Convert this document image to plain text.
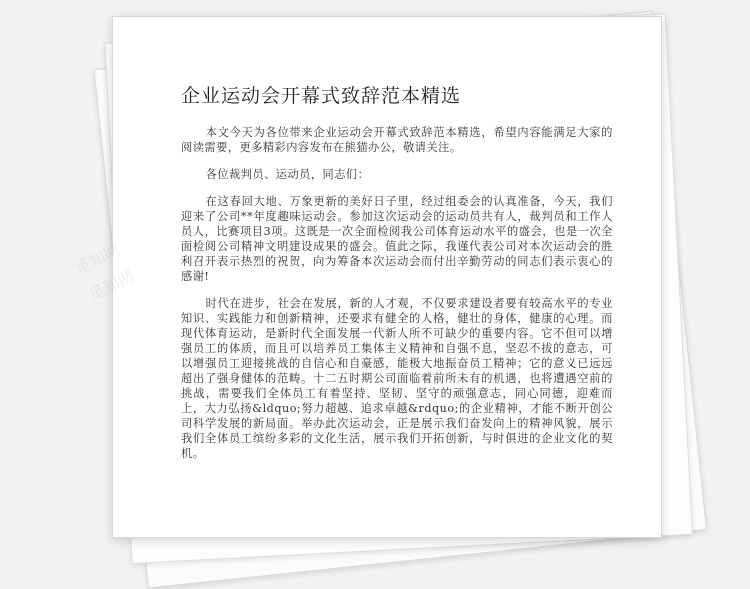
觅知网
觅知网
企业运动会开幕式致辞范本精选

本文今天为各位带来企业运动会开幕式致辞范本精选，希望内容能满足大家的阅读需要，更多精彩内容发布在熊猫办公，敬请关注。

各位裁判员、运动员，同志们：

在这春回大地、万象更新的美好日子里，经过组委会的认真准备，今天，我们迎来了公司**年度趣味运动会。参加这次运动会的运动员共有人，裁判员和工作人员人，比赛项目3项。这既是一次全面检阅我公司体育运动水平的盛会，也是一次全面检阅公司精神文明建设成果的盛会。值此之际，我谨代表公司对本次运动会的胜利召开表示热烈的祝贺，向为筹备本次运动会而付出辛勤劳动的同志们表示衷心的感谢!

时代在进步，社会在发展，新的人才观，不仅要求建设者要有较高水平的专业知识、实践能力和创新精神，还要求有健全的人格，健壮的身体，健康的心理。而现代体育运动，是新时代全面发展一代新人所不可缺少的重要内容。它不但可以增强员工的体质，而且可以培养员工集体主义精神和自强不息，坚忍不拔的意志，可以增强员工迎接挑战的自信心和自豪感，能极大地振奋员工精神；它的意义已远远超出了强身健体的范畴。十二五时期公司面临着前所未有的机遇，也将遭遇空前的挑战，需要我们全体员工有着坚持、坚韧、坚守的顽强意志，同心同德，迎难而上，大力弘扬&ldquo;努力超越、追求卓越&rdquo;的企业精神，才能不断开创公司科学发展的新局面。举办此次运动会，正是展示我们奋发向上的精神风貌，展示我们全体员工缤纷多彩的文化生活，展示我们开拓创新，与时俱进的企业文化的契机。
